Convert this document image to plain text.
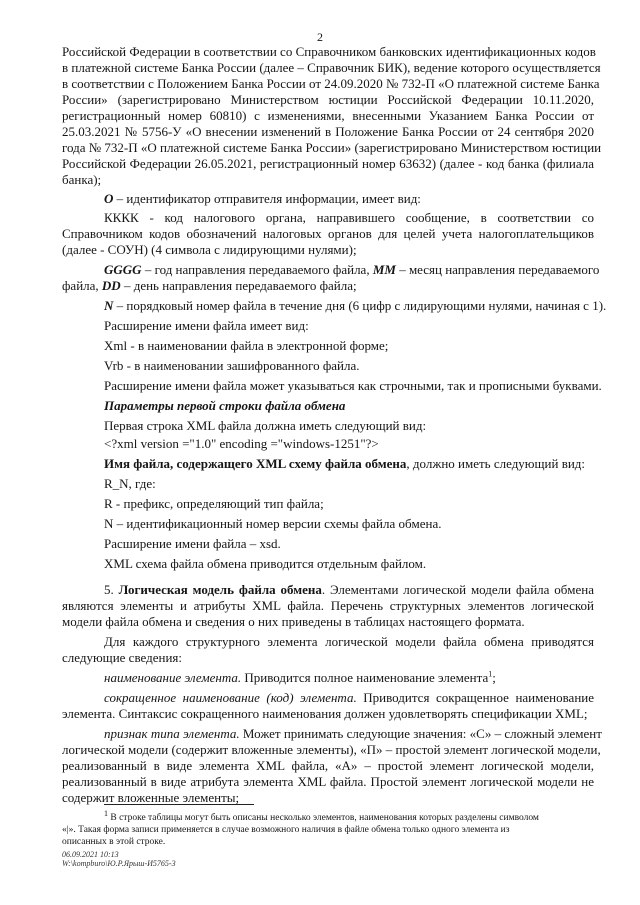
2
Российской Федерации в соответствии со Справочником банковских идентификационных кодов
в платежной системе Банка России (далее – Справочник БИК), ведение которого осуществляется
в соответствии с Положением Банка России от 24.09.2020 № 732-П «О платежной системе Банка
России» (зарегистрировано Министерством юстиции Российской Федерации 10.11.2020,
регистрационный номер 60810) с изменениями, внесенными Указанием Банка России от
25.03.2021 № 5756-У «О внесении изменений в Положение Банка России от 24 сентября 2020
года № 732-П «О платежной системе Банка России» (зарегистрировано Министерством юстиции
Российской Федерации 26.05.2021, регистрационный номер 63632) (далее - код банка (филиала
банка);
О – идентификатор отправителя информации, имеет вид:
КККК - код налогового органа, направившего сообщение, в соответствии со
Справочником кодов обозначений налоговых органов для целей учета налогоплательщиков
(далее - СОУН) (4 символа с лидирующими нулями);
GGGG – год направления передаваемого файла, ММ – месяц направления передаваемого
файла, DD – день направления передаваемого файла;
N – порядковый номер файла в течение дня (6 цифр с лидирующими нулями, начиная с 1).
Расширение имени файла имеет вид:
Xml - в наименовании файла в электронной форме;
Vrb - в наименовании зашифрованного файла.
Расширение имени файла может указываться как строчными, так и прописными буквами.
Параметры первой строки файла обмена
Первая строка XML файла должна иметь следующий вид:
<?xml version ="1.0" encoding ="windows-1251"?>
Имя файла, содержащего XML схему файла обмена, должно иметь следующий вид:
R_N, где:
R - префикс, определяющий тип файла;
N – идентификационный номер версии схемы файла обмена.
Расширение имени файла – xsd.
XML схема файла обмена приводится отдельным файлом.
5. Логическая модель файла обмена. Элементами логической модели файла обмена
являются элементы и атрибуты XML файла. Перечень структурных элементов логической
модели файла обмена и сведения о них приведены в таблицах настоящего формата.
Для каждого структурного элемента логической модели файла обмена приводятся
следующие сведения:
наименование элемента. Приводится полное наименование элемента$^1$;
сокращенное наименование (код) элемента. Приводится сокращенное наименование
элемента. Синтаксис сокращенного наименования должен удовлетворять спецификации XML;
признак типа элемента. Может принимать следующие значения: «С» – сложный элемент
логической модели (содержит вложенные элементы), «П» – простой элемент логической модели,
реализованный в виде элемента XML файла, «А» – простой элемент логической модели,
реализованный в виде атрибута элемента XML файла. Простой элемент логической модели не
содержит вложенные элементы;
$^1$ В строке таблицы могут быть описаны несколько элементов, наименования которых разделены символом
«|». Такая форма записи применяется в случае возможного наличия в файле обмена только одного элемента из
описанных в этой строке.
06.09.2021 10:13
W:\kompburo\Ю.Р.Ярыш-И5765-3
